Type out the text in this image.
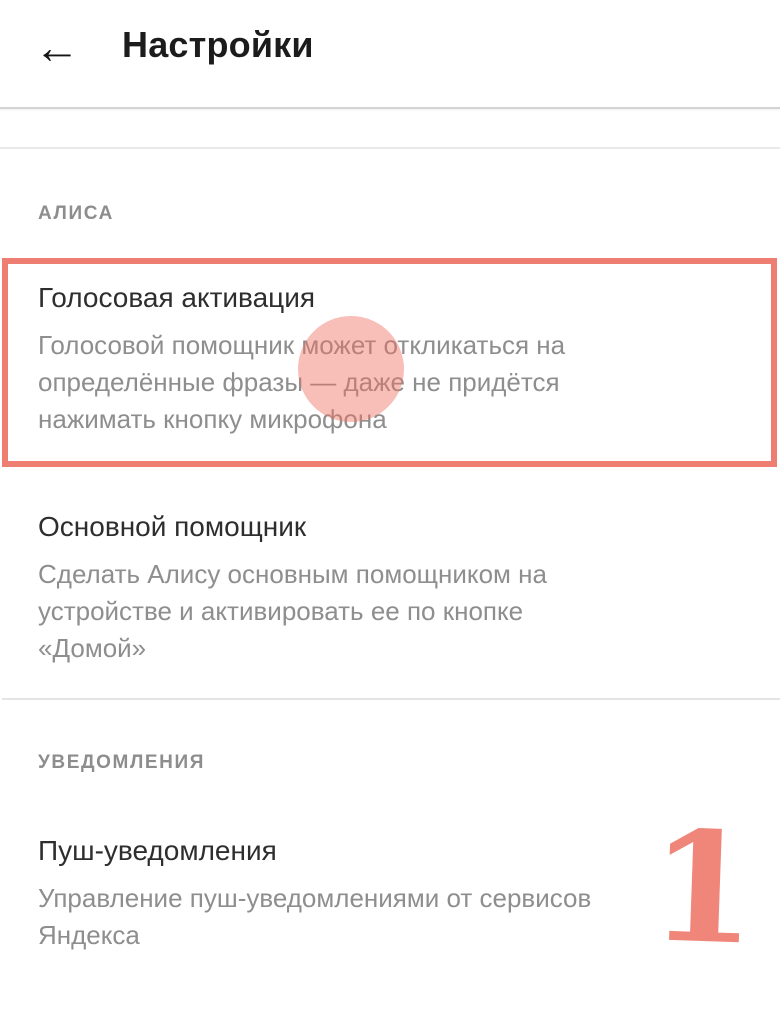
← Настройки
АЛИСА
Голосовая активация
Голосовой помощник может откликаться на определённые фразы — даже не придётся нажимать кнопку микрофона
Основной помощник
Сделать Алису основным помощником на устройстве и активировать ее по кнопке «Домой»
УВЕДОМЛЕНИЯ
Пуш-уведомления
Управление пуш-уведомлениями от сервисов Яндекса	1
